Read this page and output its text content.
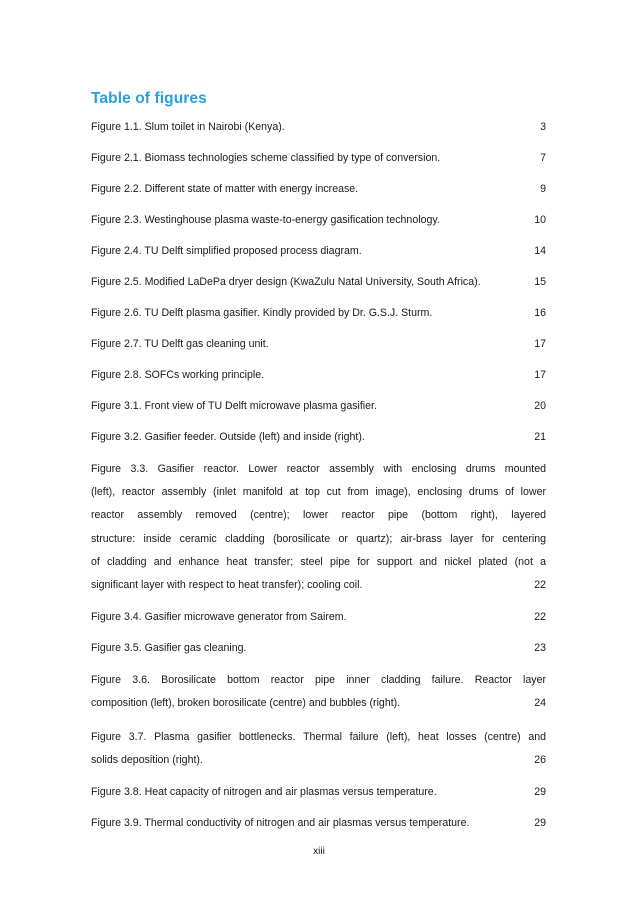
Table of figures
Figure 1.1. Slum toilet in Nairobi (Kenya).	3
Figure 2.1. Biomass technologies scheme classified by type of conversion.	7
Figure 2.2. Different state of matter with energy increase.	9
Figure 2.3. Westinghouse plasma waste-to-energy gasification technology.	10
Figure 2.4. TU Delft simplified proposed process diagram.	14
Figure 2.5. Modified LaDePa dryer design (KwaZulu Natal University, South Africa).	15
Figure 2.6. TU Delft plasma gasifier. Kindly provided by Dr. G.S.J. Sturm.	16
Figure 2.7. TU Delft gas cleaning unit.	17
Figure 2.8. SOFCs working principle.	17
Figure 3.1. Front view of TU Delft microwave plasma gasifier.	20
Figure 3.2. Gasifier feeder. Outside (left) and inside (right).	21
Figure 3.3. Gasifier reactor. Lower reactor assembly with enclosing drums mounted
(left), reactor assembly (inlet manifold at top cut from image), enclosing drums of lower
reactor assembly removed (centre); lower reactor pipe (bottom right), layered
structure: inside ceramic cladding (borosilicate or quartz); air-brass layer for centering
of cladding and enhance heat transfer; steel pipe for support and nickel plated (not a
significant layer with respect to heat transfer); cooling coil.	22
Figure 3.4. Gasifier microwave generator from Sairem.	22
Figure 3.5. Gasifier gas cleaning.	23
Figure 3.6. Borosilicate bottom reactor pipe inner cladding failure. Reactor layer
composition (left), broken borosilicate (centre) and bubbles (right).	24
Figure 3.7. Plasma gasifier bottlenecks. Thermal failure (left), heat losses (centre) and
solids deposition (right).	26
Figure 3.8. Heat capacity of nitrogen and air plasmas versus temperature.	29
Figure 3.9. Thermal conductivity of nitrogen and air plasmas versus temperature.	29
xiii
